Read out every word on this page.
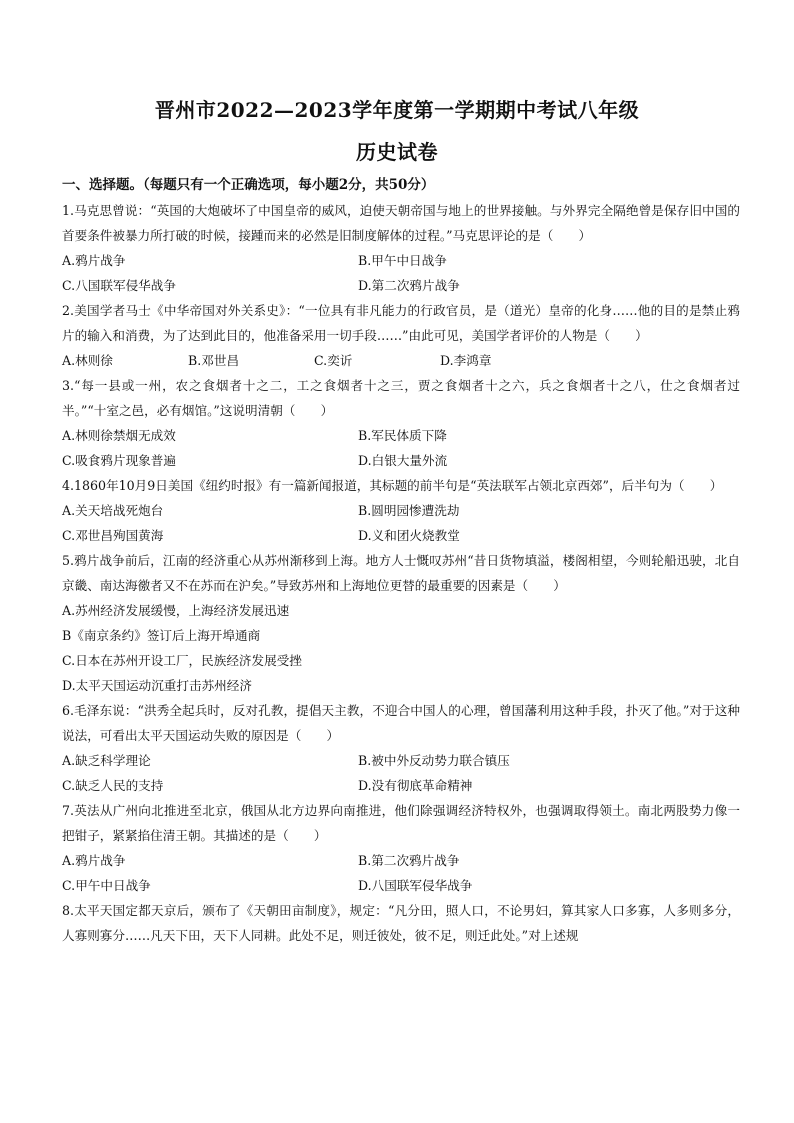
晋州市2022—2023学年度第一学期期中考试八年级
历史试卷
一、选择题。（每题只有一个正确选项，每小题2分，共50分）
1.马克思曾说：“英国的大炮破坏了中国皇帝的威风，迫使天朝帝国与地上的世界接触。与外界完全隔绝曾是保存旧中国的首要条件被暴力所打破的时候，接踵而来的必然是旧制度解体的过程。”马克思评论的是（　　）
A.鸦片战争	B.甲午中日战争
C.八国联军侵华战争	D.第二次鸦片战争
2.美国学者马士《中华帝国对外关系史》：“一位具有非凡能力的行政官员，是（道光）皇帝的化身……他的目的是禁止鸦片的输入和消费，为了达到此目的，他准备采用一切手段……”由此可见，美国学者评价的人物是（　　）
A.林则徐	B.邓世昌	C.奕䜣	D.李鸿章
3.“每一县或一州，农之食烟者十之二，工之食烟者十之三，贾之食烟者十之六，兵之食烟者十之八，仕之食烟者过半。”“十室之邑，必有烟馆。”这说明清朝（　　）
A.林则徐禁烟无成效	B.军民体质下降
C.吸食鸦片现象普遍	D.白银大量外流
4.1860年10月9日美国《纽约时报》有一篇新闻报道，其标题的前半句是“英法联军占领北京西郊”，后半句为（　　）
A.关天培战死炮台	B.圆明园惨遭洗劫
C.邓世昌殉国黄海	D.义和团火烧教堂
5.鸦片战争前后，江南的经济重心从苏州渐移到上海。地方人士慨叹苏州“昔日货物填溢，楼阁相望，今则轮船迅驶，北自京畿、南达海徼者又不在苏而在沪矣。”导致苏州和上海地位更替的最重要的因素是（　　）
A.苏州经济发展缓慢，上海经济发展迅速
B《南京条约》签订后上海开埠通商
C.日本在苏州开设工厂，民族经济发展受挫
D.太平天国运动沉重打击苏州经济
6.毛泽东说：“洪秀全起兵时，反对孔教，提倡天主教，不迎合中国人的心理，曾国藩利用这种手段，扑灭了他。”对于这种说法，可看出太平天国运动失败的原因是（　　）
A.缺乏科学理论	B.被中外反动势力联合镇压
C.缺乏人民的支持	D.没有彻底革命精神
7.英法从广州向北推进至北京，俄国从北方边界向南推进，他们除强调经济特权外，也强调取得领土。南北两股势力像一把钳子，紧紧掐住清王朝。其描述的是（　　）
A.鸦片战争	B.第二次鸦片战争
C.甲午中日战争	D.八国联军侵华战争
8.太平天国定都天京后，颁布了《天朝田亩制度》，规定：“凡分田，照人口，不论男妇，算其家人口多寡，人多则多分，人寡则寡分……凡天下田，天下人同耕。此处不足，则迁彼处，彼不足，则迁此处。”对上述规
